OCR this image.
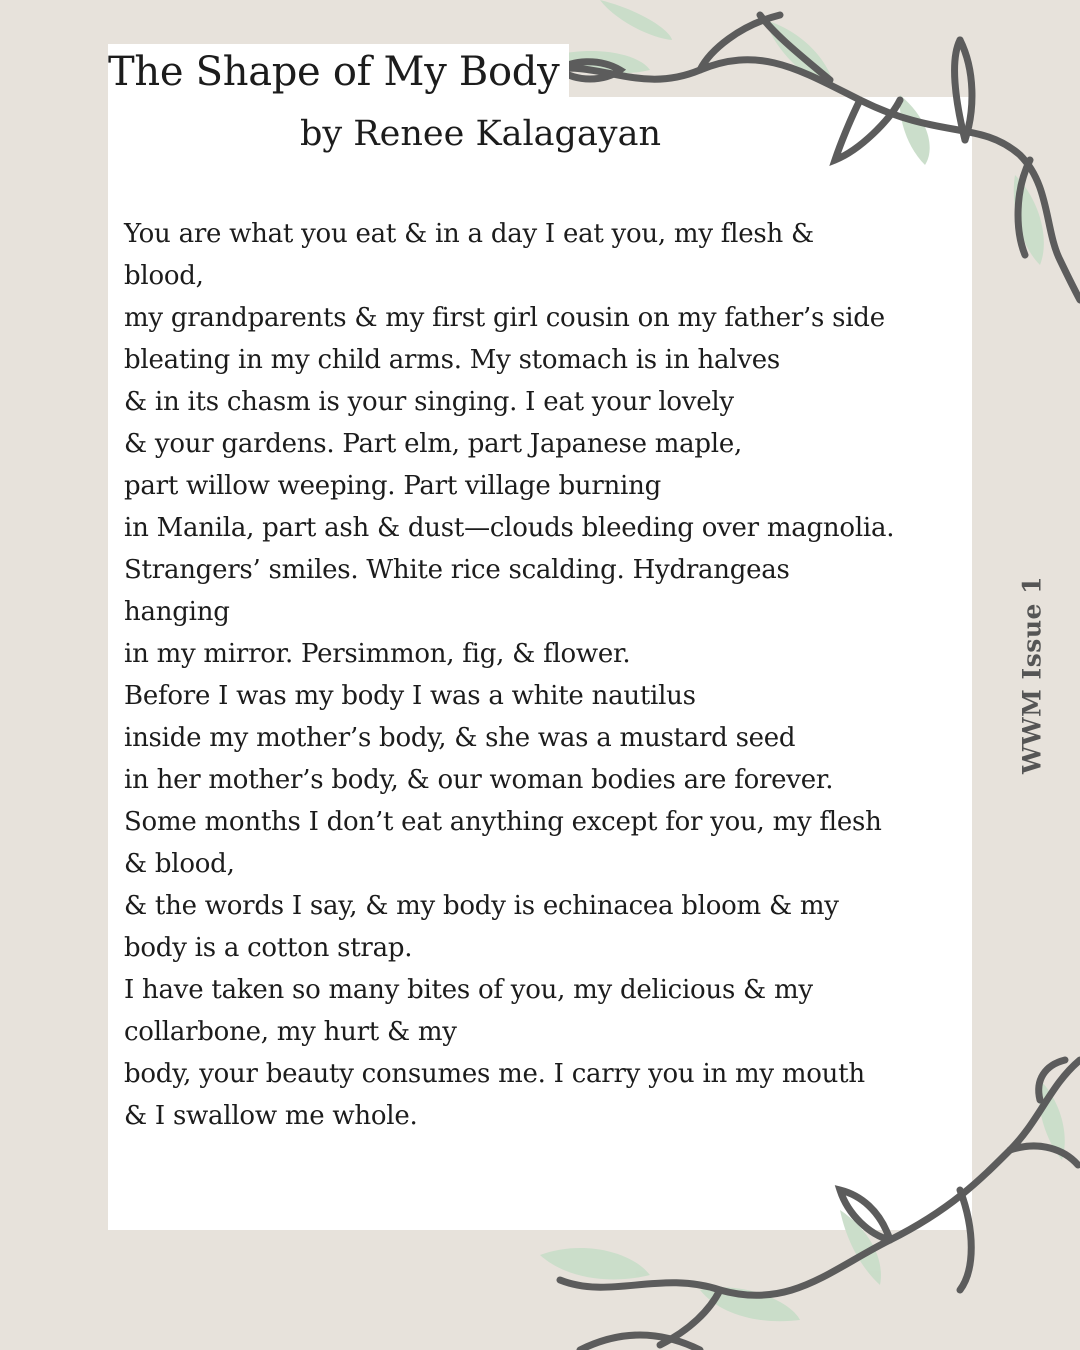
The Shape of My Body
by Renee Kalagayan
You are what you eat & in a day I eat you, my flesh &
blood,
my grandparents & my first girl cousin on my father’s side
bleating in my child arms. My stomach is in halves
& in its chasm is your singing. I eat your lovely
& your gardens. Part elm, part Japanese maple,
part willow weeping. Part village burning
in Manila, part ash & dust—clouds bleeding over magnolia.
Strangers’ smiles. White rice scalding. Hydrangeas
hanging
in my mirror. Persimmon, fig, & flower.
Before I was my body I was a white nautilus
inside my mother’s body, & she was a mustard seed
in her mother’s body, & our woman bodies are forever.
Some months I don’t eat anything except for you, my flesh
& blood,
& the words I say, & my body is echinacea bloom & my
body is a cotton strap.
I have taken so many bites of you, my delicious & my
collarbone, my hurt & my
body, your beauty consumes me. I carry you in my mouth
& I swallow me whole.
WWM Issue 1
